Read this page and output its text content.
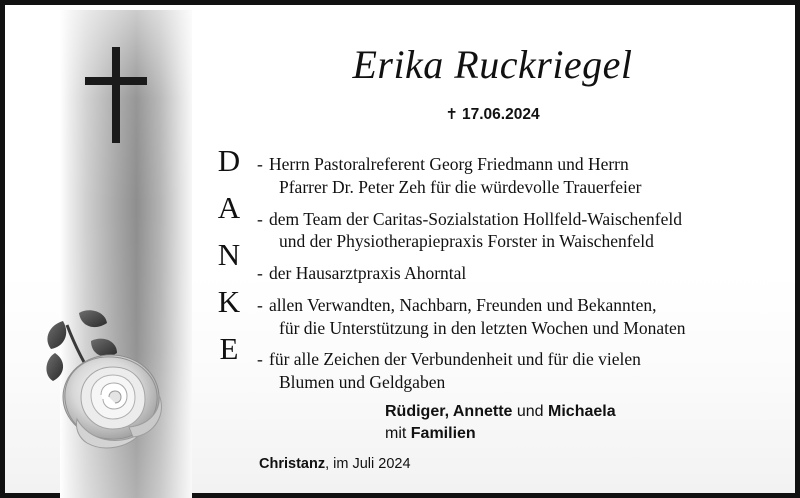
Erika Ruckriegel
✝ 17.06.2024
D
A
N
K
E
- Herrn Pastoralreferent Georg Friedmann und Herrn
Pfarrer Dr. Peter Zeh für die würdevolle Trauerfeier
- dem Team der Caritas-Sozialstation Hollfeld-Waischenfeld
und der Physiotherapiepraxis Forster in Waischenfeld
- der Hausarztpraxis Ahorntal
- allen Verwandten, Nachbarn, Freunden und Bekannten,
für die Unterstützung in den letzten Wochen und Monaten
- für alle Zeichen der Verbundenheit und für die vielen
Blumen und Geldgaben
Rüdiger, Annette und Michaela
mit Familien
Christanz, im Juli 2024
